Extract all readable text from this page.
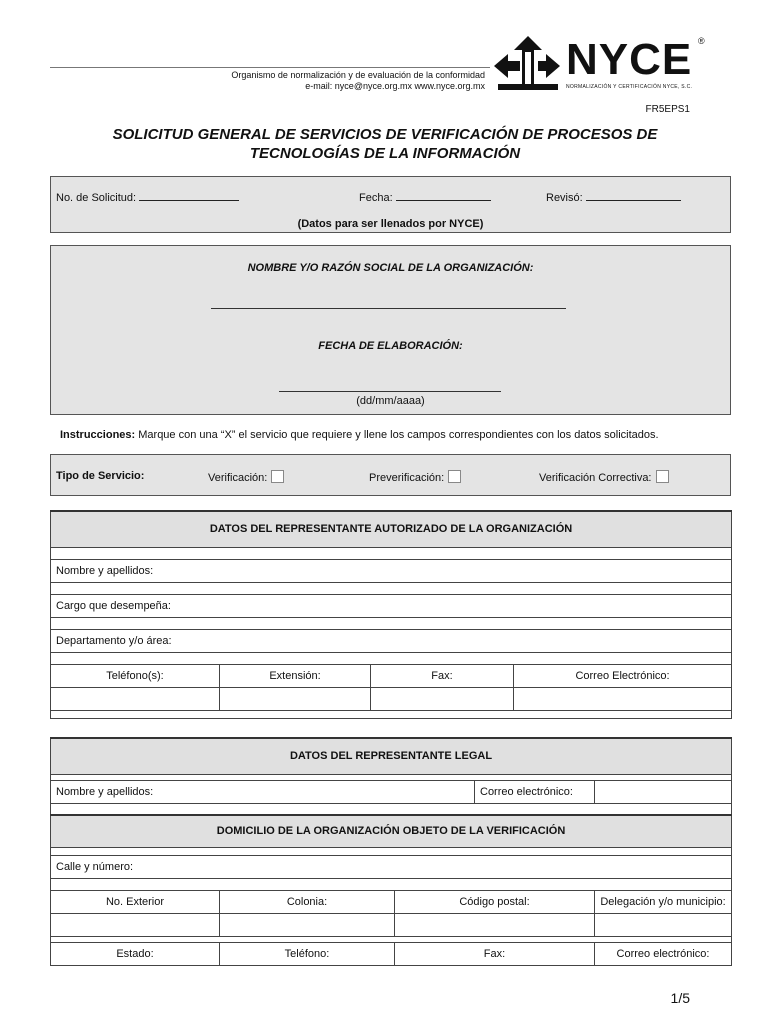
Organismo de normalización y de evaluación de la conformidad
e-mail: nyce@nyce.org.mx www.nyce.org.mx
NYCE ®
NORMALIZACIÓN Y CERTIFICACIÓN NYCE, S.C.
FR5EPS1
SOLICITUD GENERAL DE SERVICIOS DE VERIFICACIÓN DE PROCESOS DE
TECNOLOGÍAS DE LA INFORMACIÓN
No. de Solicitud:	Fecha:	Revisó:
(Datos para ser llenados por NYCE)
NOMBRE Y/O RAZÓN SOCIAL DE LA ORGANIZACIÓN:
FECHA DE ELABORACIÓN:
(dd/mm/aaaa)
Instrucciones: Marque con una “X” el servicio que requiere y llene los campos correspondientes con los datos solicitados.
Tipo de Servicio:	Verificación:	Preverificación:	Verificación Correctiva:
DATOS DEL REPRESENTANTE AUTORIZADO DE LA ORGANIZACIÓN			

Nombre y apellidos:			

Cargo que desempeña:			

Departamento y/o área:			

Teléfono(s):	Extensión:	Fax:	Correo Electrónico:

DATOS DEL REPRESENTANTE LEGAL				

Nombre y apellidos:			Correo electrónico:	

DOMICILIO DE LA ORGANIZACIÓN OBJETO DE LA VERIFICACIÓN				

Calle y número:				

No. Exterior	Colonia:	Código postal:		Delegación y/o municipio:

Estado:	Teléfono:	Fax:		Correo electrónico:
1/5
